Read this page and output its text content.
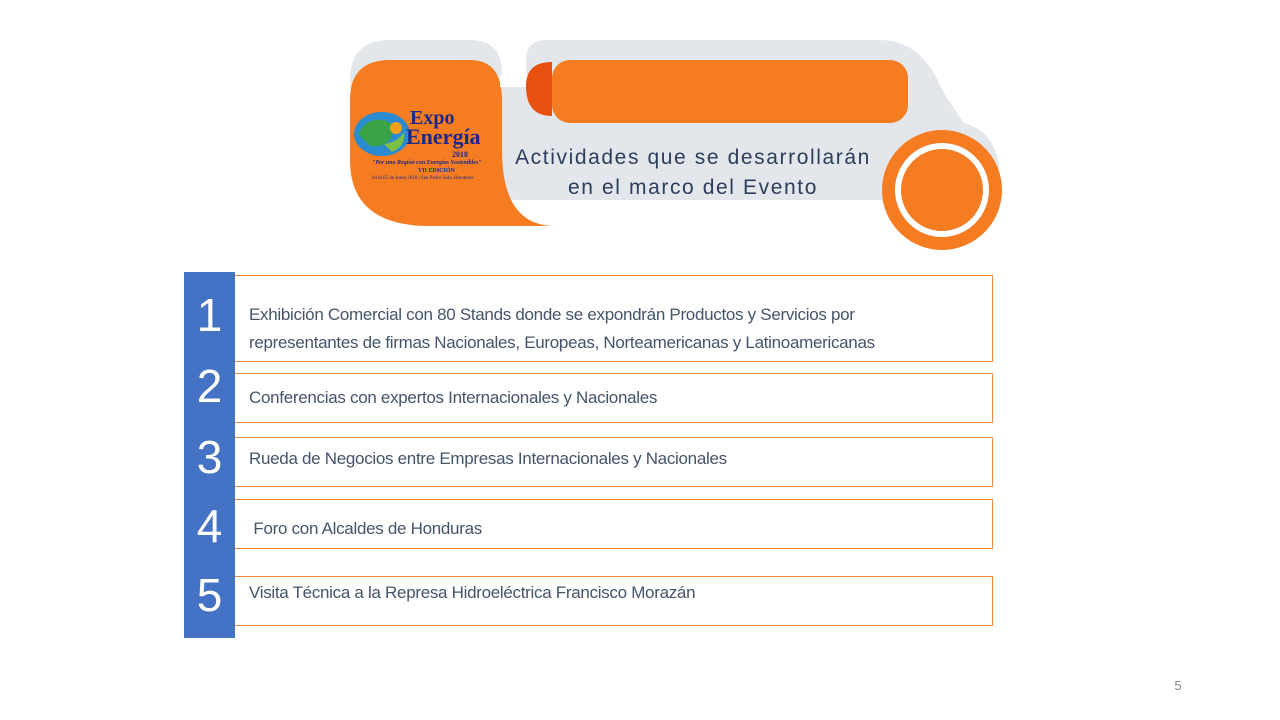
Expo
Energía
2018
"Por una Región con Energías Sostenibles"
VII EDICIÓN
04 al 05 de Junio 2018 | San Pedro Sula, Honduras
Actividades que se desarrollarán
en el marco del Evento
1
2
3
4
5
Exhibición Comercial con 80 Stands donde se expondrán Productos y Servicios por
representantes de firmas Nacionales, Europeas, Norteamericanas y Latinoamericanas
Conferencias con expertos Internacionales y Nacionales
Rueda de Negocios entre Empresas Internacionales y Nacionales
Foro con Alcaldes de Honduras
Visita Técnica a la Represa Hidroeléctrica Francisco Morazán
5
